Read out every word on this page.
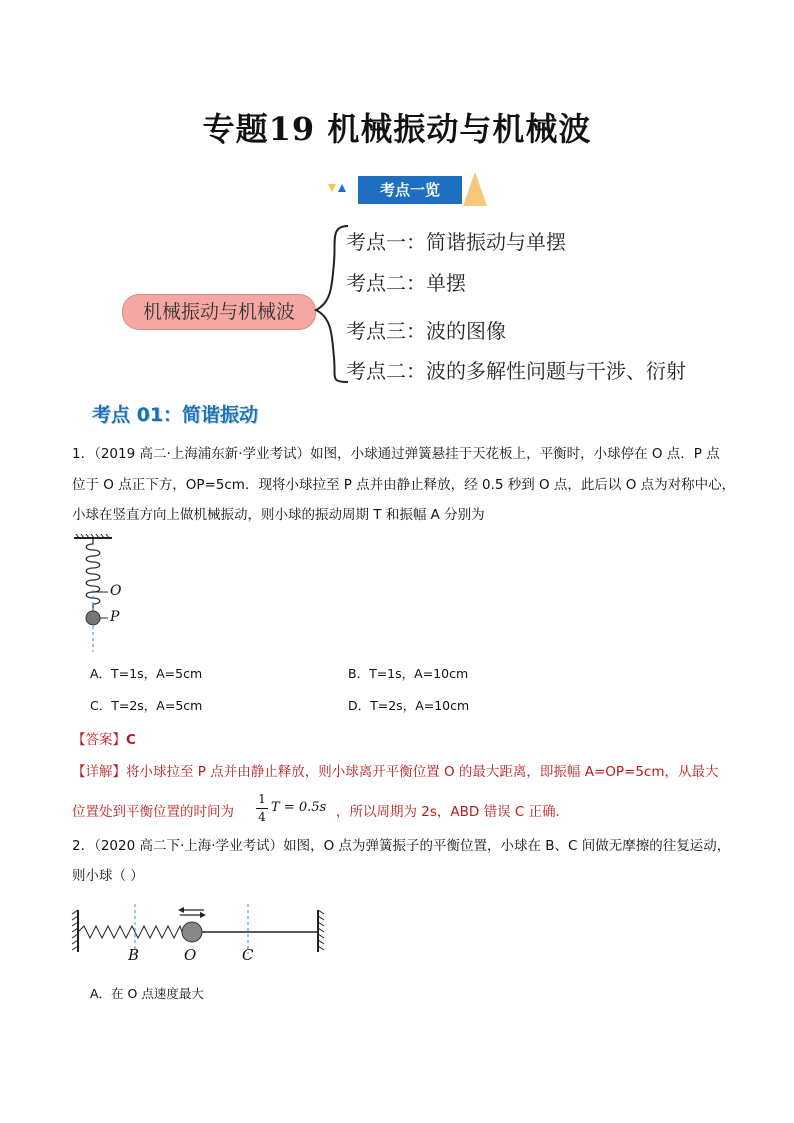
专题19 机械振动与机械波
考点一览
机械振动与机械波
考点一：简谐振动与单摆
考点二：单摆
考点三：波的图像
考点二：波的多解性问题与干涉、衍射
考点 01：简谐振动
1．（2019 高二·上海浦东新·学业考试）如图，小球通过弹簧悬挂于天花板上，平衡时，小球停在 O 点．P 点
位于 O 点正下方，OP=5cm．现将小球拉至 P 点并由静止释放，经 0.5 秒到 O 点，此后以 O 点为对称中心，
小球在竖直方向上做机械振动，则小球的振动周期 T 和振幅 A 分别为
O
P
A．T=1s，A=5cm	B．T=1s，A=10cm
C．T=2s，A=5cm	D．T=2s，A=10cm
【答案】C
【详解】将小球拉至 P 点并由静止释放，则小球离开平衡位置 O 的最大距离，即振幅 A=OP=5cm，从最大
位置处到平衡位置的时间为
1
4
T = 0.5s ，所以周期为 2s，ABD 错误 C 正确．
2．（2020 高二下·上海·学业考试）如图，O 点为弹簧振子的平衡位置，小球在 B、C 间做无摩擦的往复运动，
则小球（ ）
B	O	C
A．在 O 点速度最大
